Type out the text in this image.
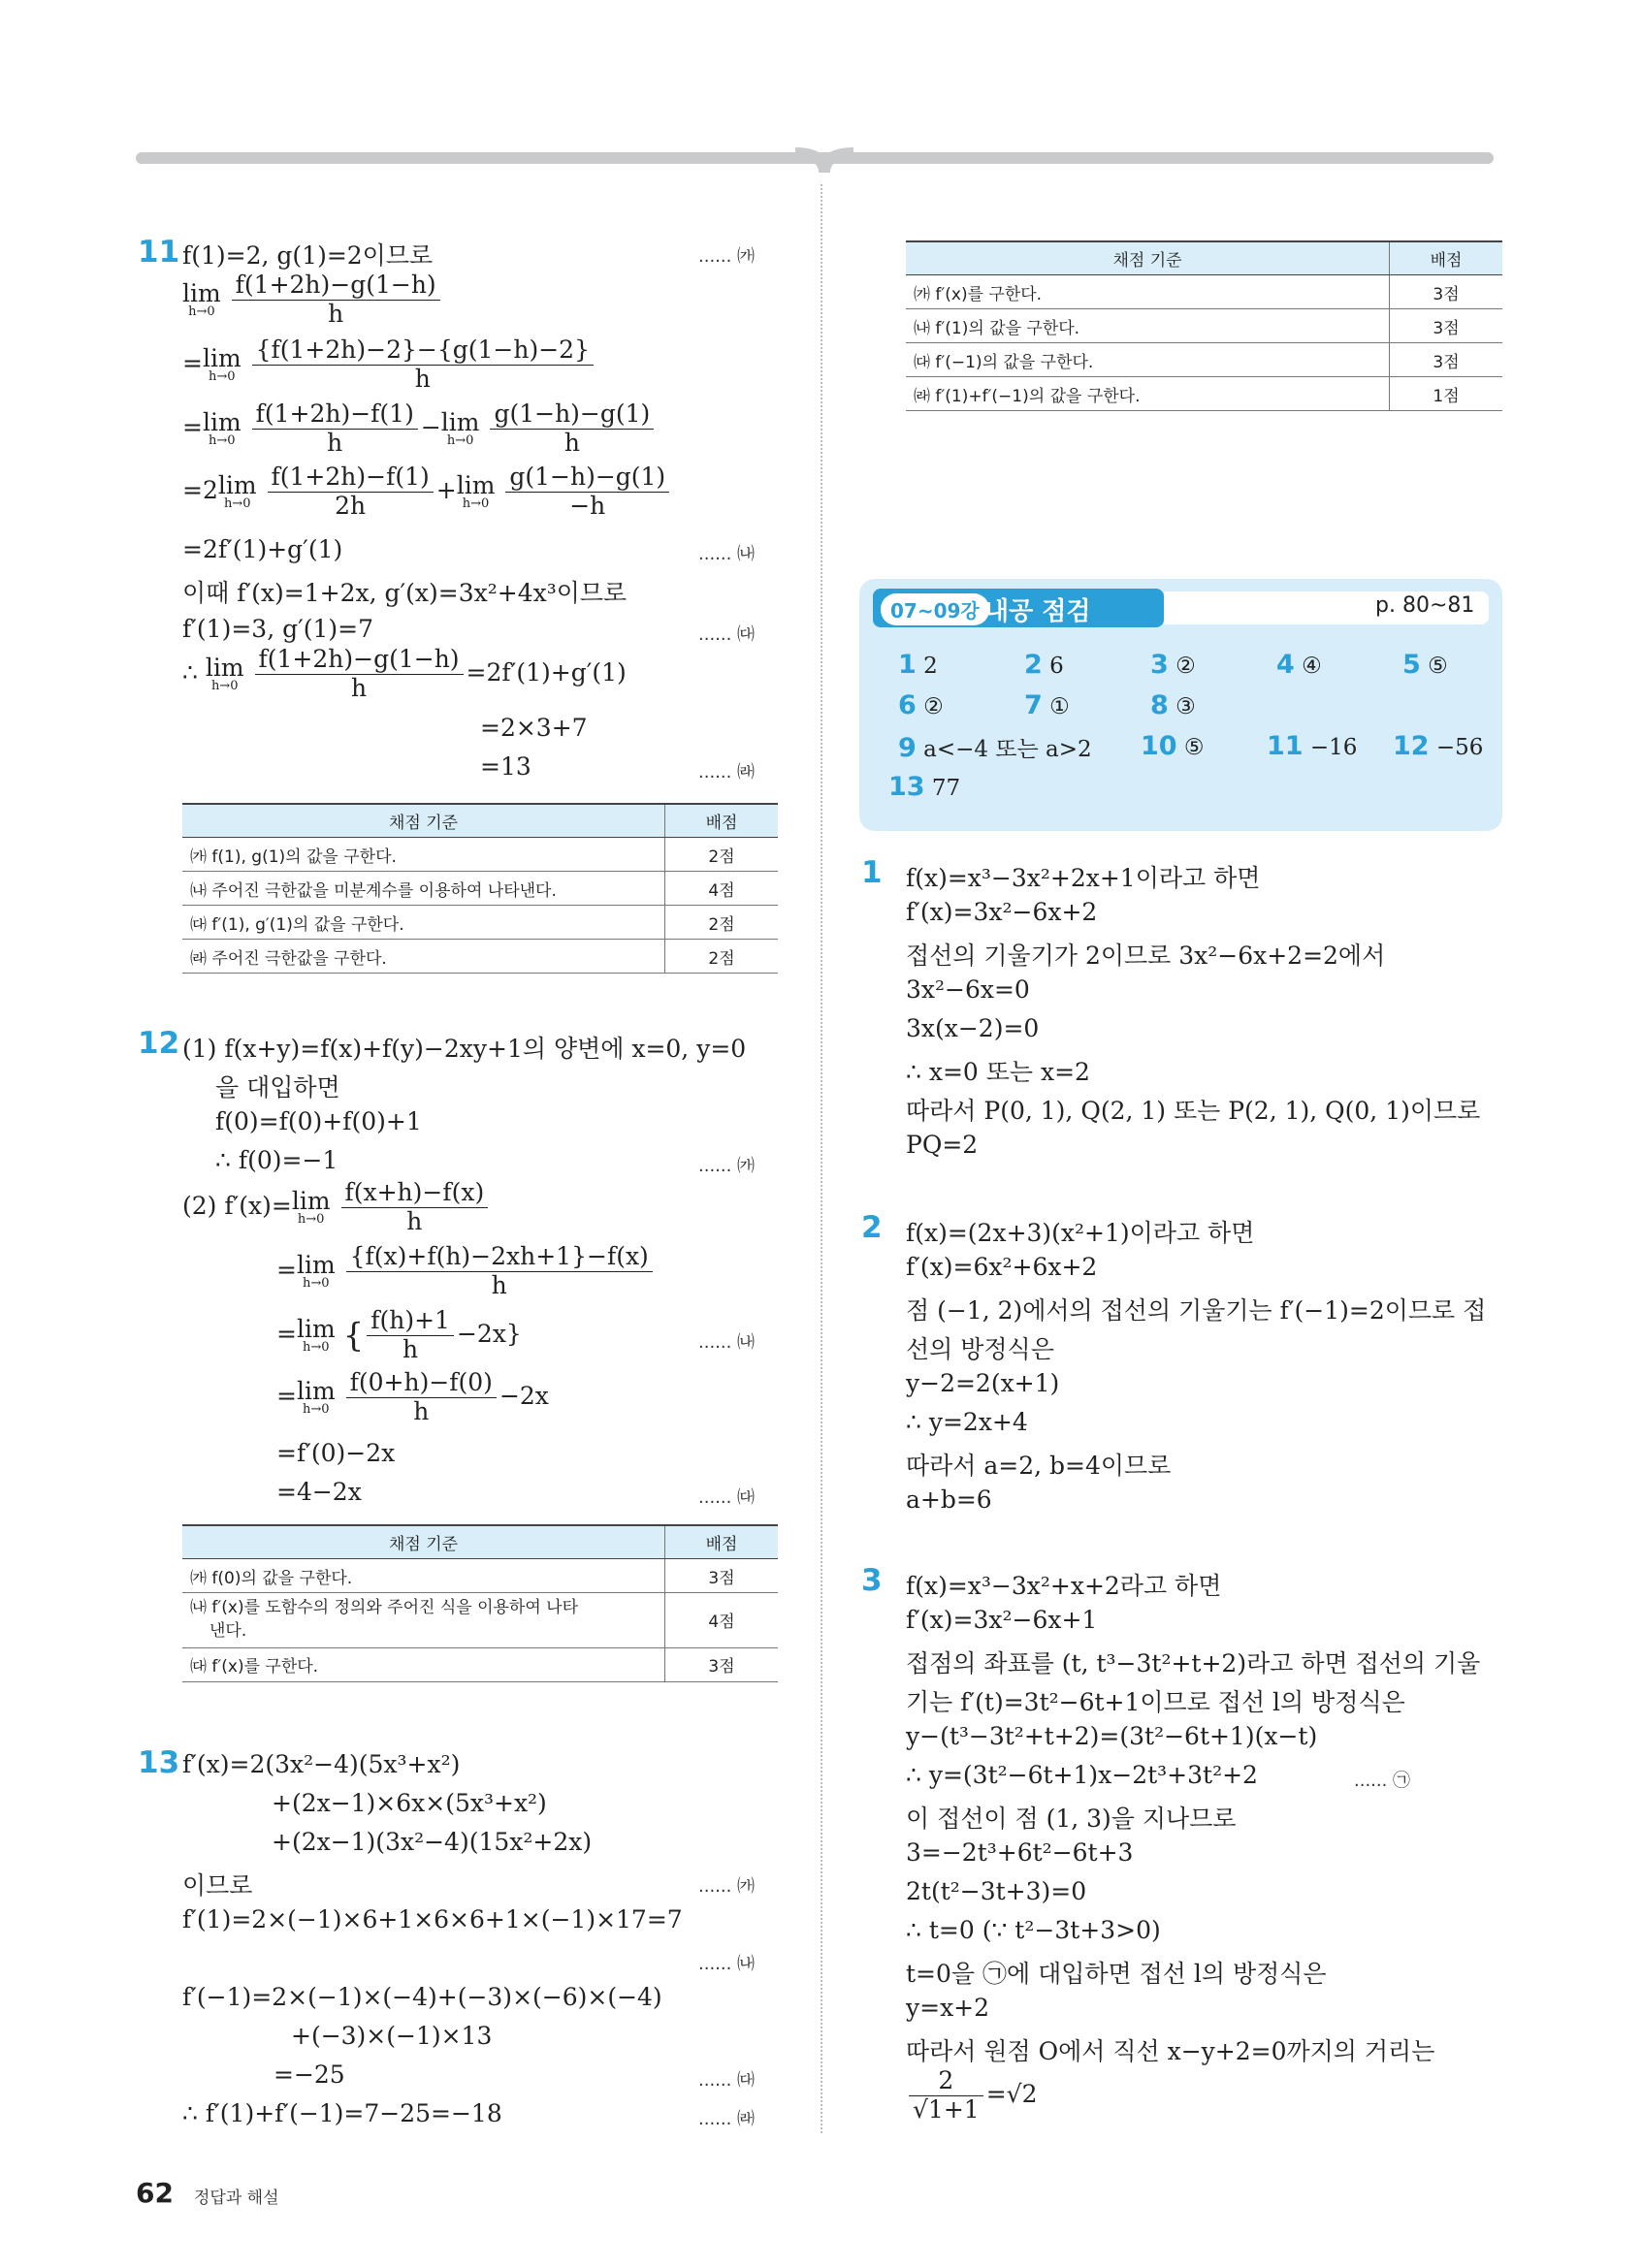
11 f(1)=2, g(1)=2이므로	...... ㈎
lim
h→0
$\frac{f(1+2h)-g(1-h)}{h}$
=lim
h→0
$\frac{\{f(1+2h)-2\}-\{g(1-h)-2\}}{h}$
=lim
h→0
$\frac{f(1+2h)-f(1)}{h} -\lim$
h→0
$\frac{g(1-h)-g(1)}{h}$
=2lim
h→0
$\frac{f(1+2h)-f(1)}{2h} +\lim$
h→0
$\frac{g(1-h)-g(1)}{-h}$
=2f′(1)+g′(1)	...... ㈏
이때 f′(x)=1+2x, g′(x)=3x²+4x³이므로
f′(1)=3, g′(1)=7	...... ㈐
∴ lim
h→0
$\frac{f(1+2h)-g(1-h)}{h} =2f'(1)+g'(1)$
=2×3+7
=13	...... ㈑
채점 기준	배점
㈎ f(1), g(1)의 값을 구한다.	2점
㈏ 주어진 극한값을 미분계수를 이용하여 나타낸다.	4점
㈐ f′(1), g′(1)의 값을 구한다.	2점
㈑ 주어진 극한값을 구한다.	2점
12 (1) f(x+y)=f(x)+f(y)−2xy+1의 양변에 x=0, y=0
을 대입하면
f(0)=f(0)+f(0)+1
∴ f(0)=−1	...... ㈎
(2) f′(x)=lim
h→0
$\frac{f(x+h)-f(x)}{h}$
=lim
h→0
$\frac{\{f(x)+f(h)-2xh+1\}-f(x)}{h}$
=lim
h→0 { $\frac{f(h)+1}{h} -2x$}	...... ㈏
=lim
h→0
$\frac{f(0+h)-f(0)}{h} -2x$
=f′(0)−2x
=4−2x	...... ㈐
채점 기준	배점
㈎ f(0)의 값을 구한다.	3점
㈏ f′(x)를 도함수의 정의와 주어진 식을 이용하여 나타
낸다.	4점
㈐ f′(x)를 구한다.	3점
13 f′(x)=2(3x²−4)(5x³+x²)
+(2x−1)×6x×(5x³+x²)
+(2x−1)(3x²−4)(15x²+2x)
이므로	...... ㈎
f′(1)=2×(−1)×6+1×6×6+1×(−1)×17=7
...... ㈏
f′(−1)=2×(−1)×(−4)+(−3)×(−6)×(−4)
+(−3)×(−1)×13
=−25	...... ㈐
∴ f′(1)+f′(−1)=7−25=−18	...... ㈑
채점 기준	배점
㈎ f′(x)를 구한다.	3점
㈏ f′(1)의 값을 구한다.	3점
㈐ f′(−1)의 값을 구한다.	3점
㈑ f′(1)+f′(−1)의 값을 구한다.	1점
07~09강 내공 점검	p. 80~81
1 2	2 6	3 ②	4 ④	5 ⑤
6 ②	7 ①	8 ③
9 a<−4 또는 a>2 10 ⑤ 11 −16 12 −56
13 77
1 f(x)=x³−3x²+2x+1이라고 하면
f′(x)=3x²−6x+2
접선의 기울기가 2이므로 3x²−6x+2=2에서
3x²−6x=0
3x(x−2)=0
∴ x=0 또는 x=2
따라서 P(0, 1), Q(2, 1) 또는 P(2, 1), Q(0, 1)이므로
PQ=2
2 f(x)=(2x+3)(x²+1)이라고 하면
f′(x)=6x²+6x+2
점 (−1, 2)에서의 접선의 기울기는 f′(−1)=2이므로 접
선의 방정식은
y−2=2(x+1)
∴ y=2x+4
따라서 a=2, b=4이므로
a+b=6
3 f(x)=x³−3x²+x+2라고 하면
f′(x)=3x²−6x+1
접점의 좌표를 (t, t³−3t²+t+2)라고 하면 접선의 기울
기는 f′(t)=3t²−6t+1이므로 접선 l의 방정식은
y−(t³−3t²+t+2)=(3t²−6t+1)(x−t)
∴ y=(3t²−6t+1)x−2t³+3t²+2	...... ㉠
이 접선이 점 (1, 3)을 지나므로
3=−2t³+6t²−6t+3
2t(t²−3t+3)=0
∴ t=0 (∵ t²−3t+3>0)
t=0을 ㉠에 대입하면 접선 l의 방정식은
y=x+2
따라서 원점 O에서 직선 x−y+2=0까지의 거리는
$\frac{2}{√1+1} =√2$
62 정답과 해설
